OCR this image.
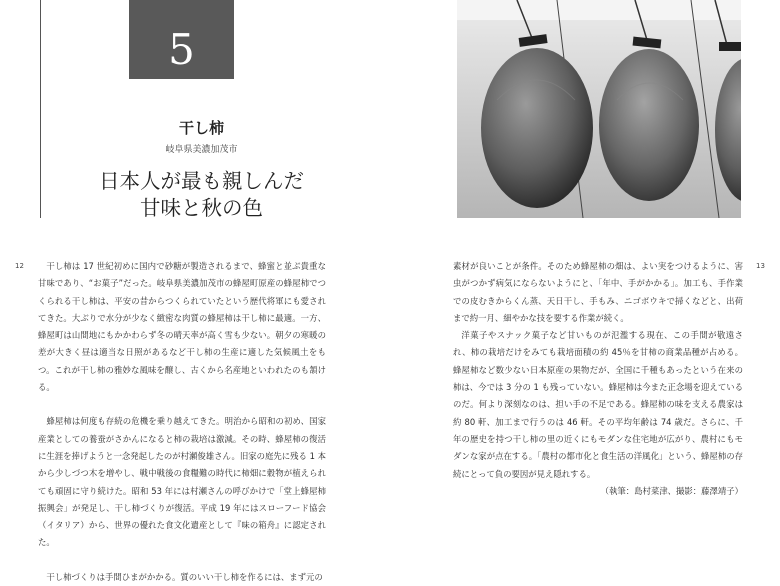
5
干し柿
岐阜県美濃加茂市
日本人が最も親しんだ
甘味と秋の色
12	13

干し柿は 17 世紀初めに国内で砂糖が製造されるまで、蜂蜜と並ぶ貴重な甘味であり、“お菓子”だった。岐阜県美濃加茂市の蜂屋町原産の蜂屋柿でつくられる干し柿は、平安の昔からつくられていたという歴代将軍にも愛されてきた。大ぶりで水分が少なく緻密な肉質の蜂屋柿は干し柿に最適。一方、蜂屋町は山間地にもかかわらず冬の晴天率が高く雪も少ない。朝夕の寒暖の差が大きく昼は適当な日照があるなど干し柿の生産に適した気候風土をもつ。これが干し柿の雅妙な風味を醸し、古くから名産地といわれたのも頷ける。

蜂屋柿は何度も存続の危機を乗り越えてきた。明治から昭和の初め、国家産業としての養蚕がさかんになると柿の栽培は激減。その時、蜂屋柿の復活に生涯を捧げようと一念発起したのが村瀬俊雄さん。旧家の庭先に残る 1 本から少しづつ木を増やし、戦中戦後の食糧難の時代に柿畑に穀物が植えられても頑固に守り続けた。昭和 53 年には村瀬さんの呼びかけで「堂上蜂屋柿振興会」が発足し、干し柿づくりが復活。平成 19 年にはスローフード協会（イタリア）から、世界の優れた食文化遺産として『味の箱舟』に認定された。

干し柿づくりは手間ひまがかかる。質のいい干し柿を作るには、まず元の

素材が良いことが条件。そのため蜂屋柿の畑は、よい実をつけるように、害虫がつかず病気にならないようにと、「年中、手がかかる」。加工も、手作業での皮むきからくん蒸、天日干し、手もみ、ニゴボウキで掃くなどと、出荷まで約一月、細やかな技を要する作業が続く。

洋菓子やスナック菓子など甘いものが氾濫する現在、この手間が敬遠され、柿の栽培だけをみても栽培面積の約 45％を甘柿の商業品種が占める。蜂屋柿など数少ない日本原産の果物だが、全国に千種もあったという在来の柿は、今では 3 分の 1 も残っていない。蜂屋柿は今また正念場を迎えているのだ。何より深刻なのは、担い手の不足である。蜂屋柿の味を支える農家は約 80 軒、加工まで行うのは 46 軒。その平均年齢は 74 歳だ。さらに、千年の歴史を持つ干し柿の里の近くにもモダンな住宅地が広がり、農村にもモダンな家が点在する。「農村の都市化と食生活の洋風化」という、蜂屋柿の存続にとって負の要因が見え隠れする。

（執筆：島村菜津、撮影：藤澤靖子）
